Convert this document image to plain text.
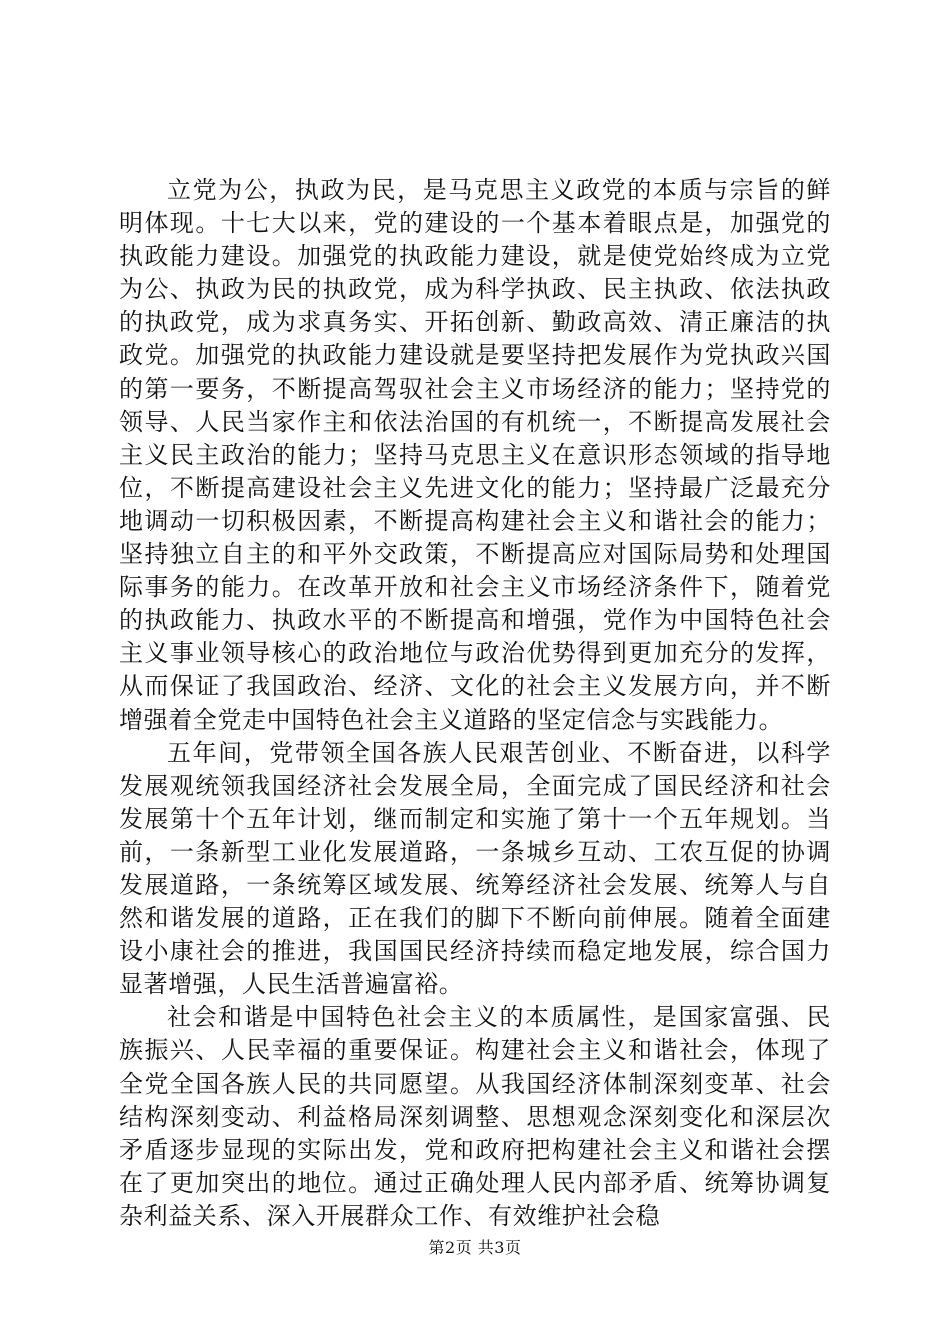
立党为公，执政为民，是马克思主义政党的本质与宗旨的鲜明体现。十七大以来，党的建设的一个基本着眼点是，加强党的执政能力建设。加强党的执政能力建设，就是使党始终成为立党为公、执政为民的执政党，成为科学执政、民主执政、依法执政的执政党，成为求真务实、开拓创新、勤政高效、清正廉洁的执政党。加强党的执政能力建设就是要坚持把发展作为党执政兴国的第一要务，不断提高驾驭社会主义市场经济的能力；坚持党的领导、人民当家作主和依法治国的有机统一，不断提高发展社会主义民主政治的能力；坚持马克思主义在意识形态领域的指导地位，不断提高建设社会主义先进文化的能力；坚持最广泛最充分地调动一切积极因素，不断提高构建社会主义和谐社会的能力；坚持独立自主的和平外交政策，不断提高应对国际局势和处理国际事务的能力。在改革开放和社会主义市场经济条件下，随着党的执政能力、执政水平的不断提高和增强，党作为中国特色社会主义事业领导核心的政治地位与政治优势得到更加充分的发挥，从而保证了我国政治、经济、文化的社会主义发展方向，并不断增强着全党走中国特色社会主义道路的坚定信念与实践能力。

五年间，党带领全国各族人民艰苦创业、不断奋进，以科学发展观统领我国经济社会发展全局，全面完成了国民经济和社会发展第十个五年计划，继而制定和实施了第十一个五年规划。当前，一条新型工业化发展道路，一条城乡互动、工农互促的协调发展道路，一条统筹区域发展、统筹经济社会发展、统筹人与自然和谐发展的道路，正在我们的脚下不断向前伸展。随着全面建设小康社会的推进，我国国民经济持续而稳定地发展，综合国力显著增强，人民生活普遍富裕。

社会和谐是中国特色社会主义的本质属性，是国家富强、民族振兴、人民幸福的重要保证。构建社会主义和谐社会，体现了全党全国各族人民的共同愿望。从我国经济体制深刻变革、社会结构深刻变动、利益格局深刻调整、思想观念深刻变化和深层次矛盾逐步显现的实际出发，党和政府把构建社会主义和谐社会摆在了更加突出的地位。通过正确处理人民内部矛盾、统筹协调复杂利益关系、深入开展群众工作、有效维护社会稳

第2页 共3页
